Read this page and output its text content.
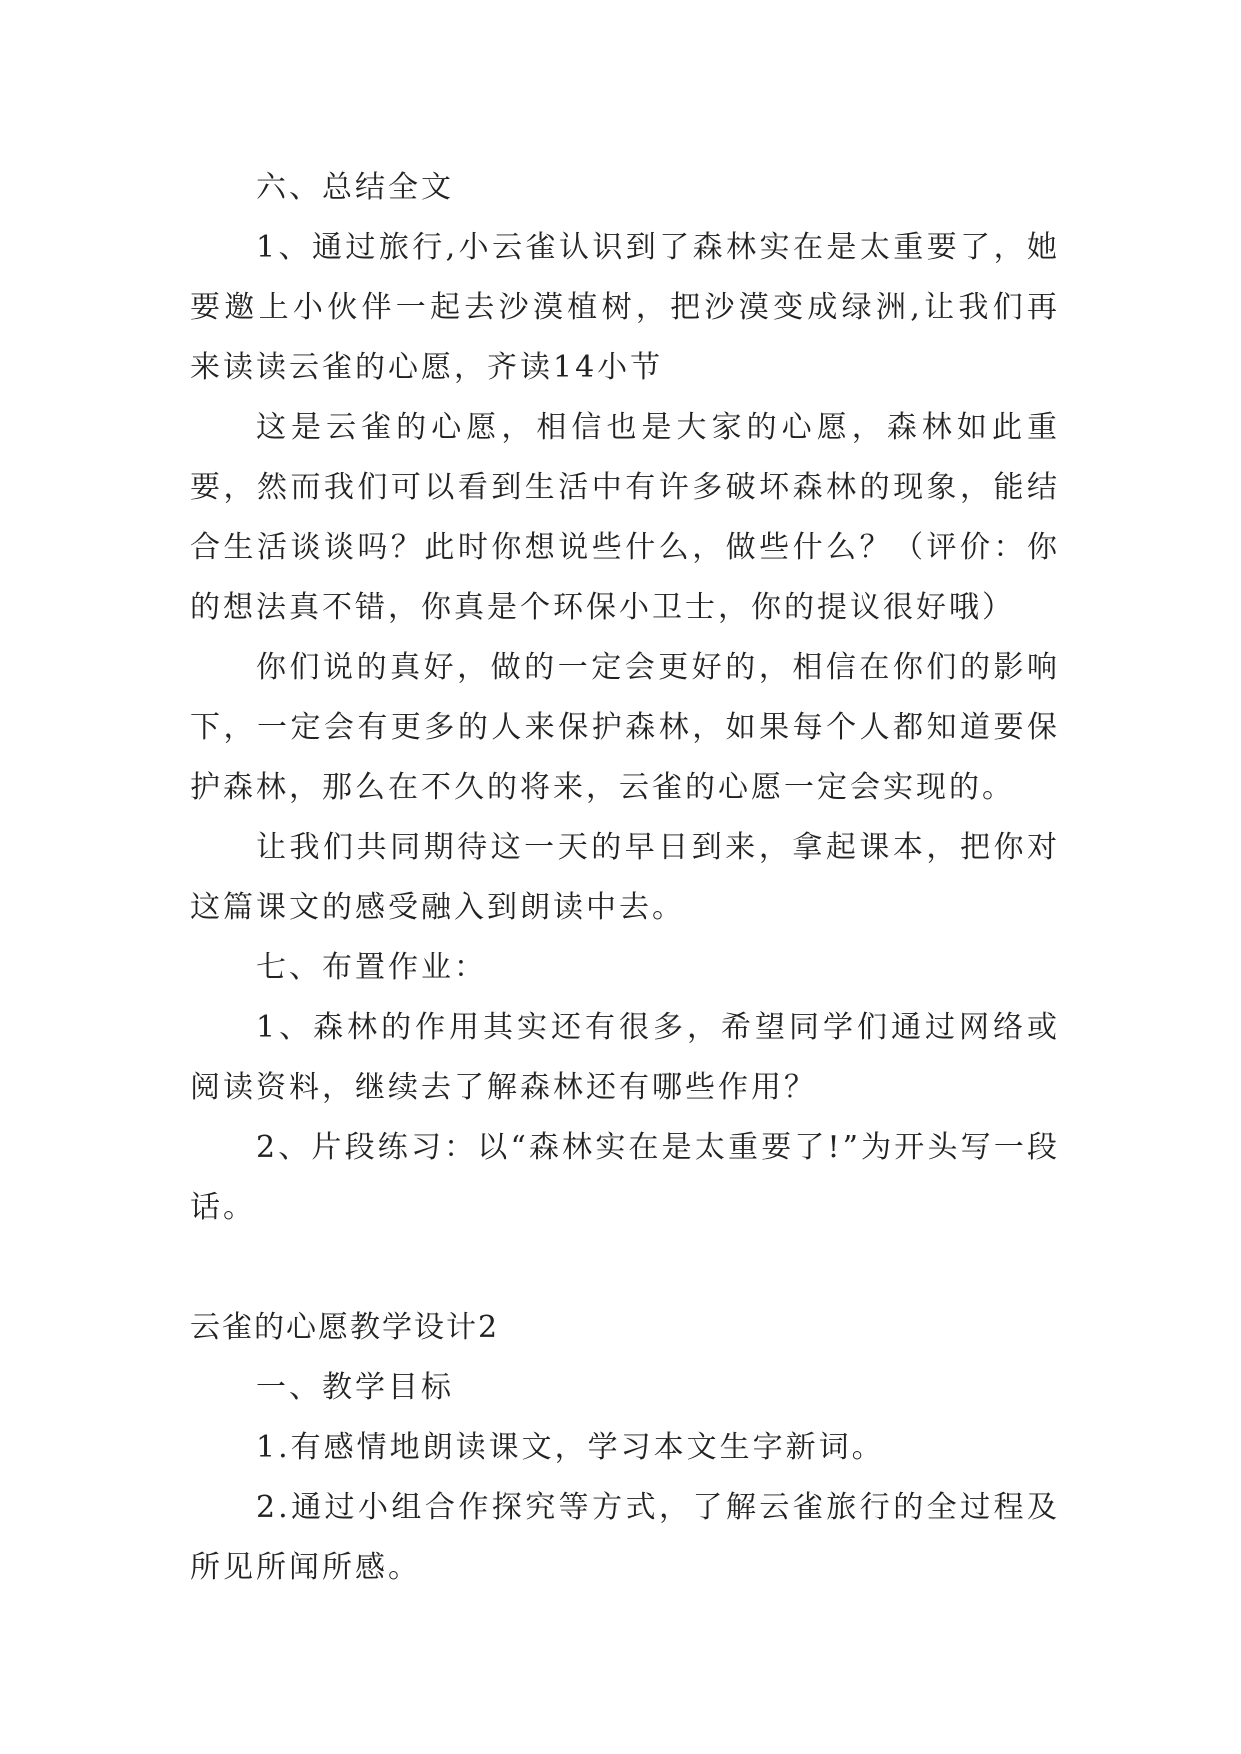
六、总结全文

1、通过旅行,小云雀认识到了森林实在是太重要了，她要邀上小伙伴一起去沙漠植树，把沙漠变成绿洲,让我们再来读读云雀的心愿，齐读14小节

这是云雀的心愿，相信也是大家的心愿，森林如此重要，然而我们可以看到生活中有许多破坏森林的现象，能结合生活谈谈吗？此时你想说些什么，做些什么？（评价：你的想法真不错，你真是个环保小卫士，你的提议很好哦）

你们说的真好，做的一定会更好的，相信在你们的影响下，一定会有更多的人来保护森林，如果每个人都知道要保护森林，那么在不久的将来，云雀的心愿一定会实现的。

让我们共同期待这一天的早日到来，拿起课本，把你对这篇课文的感受融入到朗读中去。

七、布置作业：

1、森林的作用其实还有很多，希望同学们通过网络或阅读资料，继续去了解森林还有哪些作用？

2、片段练习：以“森林实在是太重要了!”为开头写一段话。

云雀的心愿教学设计2

一、教学目标

1.有感情地朗读课文，学习本文生字新词。

2.通过小组合作探究等方式，了解云雀旅行的全过程及所见所闻所感。
